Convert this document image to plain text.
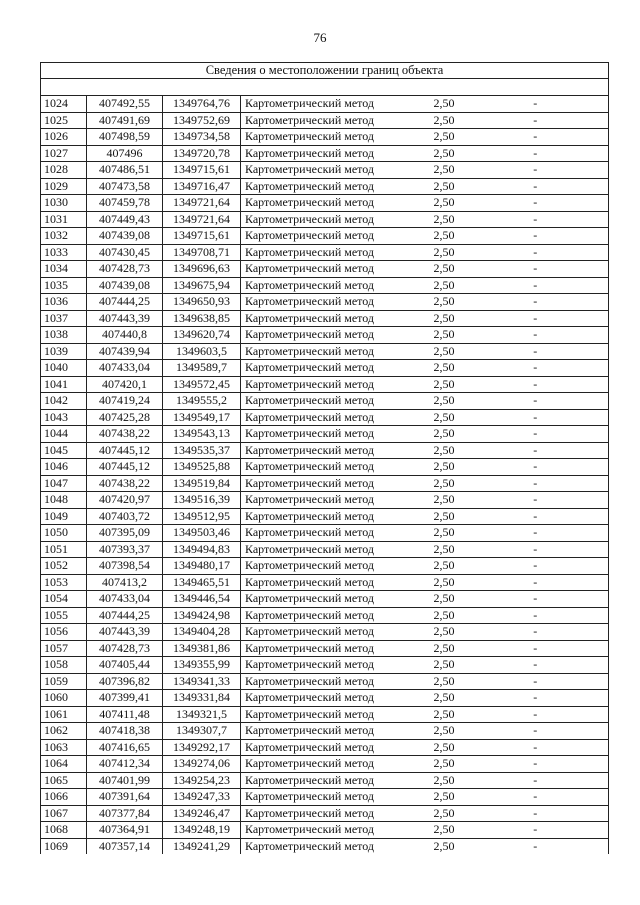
76
Сведения о местоположении границ объекта					

1024	407492,55	1349764,76	Картометрический метод	2,50	-
1025	407491,69	1349752,69	Картометрический метод	2,50	-
1026	407498,59	1349734,58	Картометрический метод	2,50	-
1027	407496	1349720,78	Картометрический метод	2,50	-
1028	407486,51	1349715,61	Картометрический метод	2,50	-
1029	407473,58	1349716,47	Картометрический метод	2,50	-
1030	407459,78	1349721,64	Картометрический метод	2,50	-
1031	407449,43	1349721,64	Картометрический метод	2,50	-
1032	407439,08	1349715,61	Картометрический метод	2,50	-
1033	407430,45	1349708,71	Картометрический метод	2,50	-
1034	407428,73	1349696,63	Картометрический метод	2,50	-
1035	407439,08	1349675,94	Картометрический метод	2,50	-
1036	407444,25	1349650,93	Картометрический метод	2,50	-
1037	407443,39	1349638,85	Картометрический метод	2,50	-
1038	407440,8	1349620,74	Картометрический метод	2,50	-
1039	407439,94	1349603,5	Картометрический метод	2,50	-
1040	407433,04	1349589,7	Картометрический метод	2,50	-
1041	407420,1	1349572,45	Картометрический метод	2,50	-
1042	407419,24	1349555,2	Картометрический метод	2,50	-
1043	407425,28	1349549,17	Картометрический метод	2,50	-
1044	407438,22	1349543,13	Картометрический метод	2,50	-
1045	407445,12	1349535,37	Картометрический метод	2,50	-
1046	407445,12	1349525,88	Картометрический метод	2,50	-
1047	407438,22	1349519,84	Картометрический метод	2,50	-
1048	407420,97	1349516,39	Картометрический метод	2,50	-
1049	407403,72	1349512,95	Картометрический метод	2,50	-
1050	407395,09	1349503,46	Картометрический метод	2,50	-
1051	407393,37	1349494,83	Картометрический метод	2,50	-
1052	407398,54	1349480,17	Картометрический метод	2,50	-
1053	407413,2	1349465,51	Картометрический метод	2,50	-
1054	407433,04	1349446,54	Картометрический метод	2,50	-
1055	407444,25	1349424,98	Картометрический метод	2,50	-
1056	407443,39	1349404,28	Картометрический метод	2,50	-
1057	407428,73	1349381,86	Картометрический метод	2,50	-
1058	407405,44	1349355,99	Картометрический метод	2,50	-
1059	407396,82	1349341,33	Картометрический метод	2,50	-
1060	407399,41	1349331,84	Картометрический метод	2,50	-
1061	407411,48	1349321,5	Картометрический метод	2,50	-
1062	407418,38	1349307,7	Картометрический метод	2,50	-
1063	407416,65	1349292,17	Картометрический метод	2,50	-
1064	407412,34	1349274,06	Картометрический метод	2,50	-
1065	407401,99	1349254,23	Картометрический метод	2,50	-
1066	407391,64	1349247,33	Картометрический метод	2,50	-
1067	407377,84	1349246,47	Картометрический метод	2,50	-
1068	407364,91	1349248,19	Картометрический метод	2,50	-
1069	407357,14	1349241,29	Картометрический метод	2,50	-
